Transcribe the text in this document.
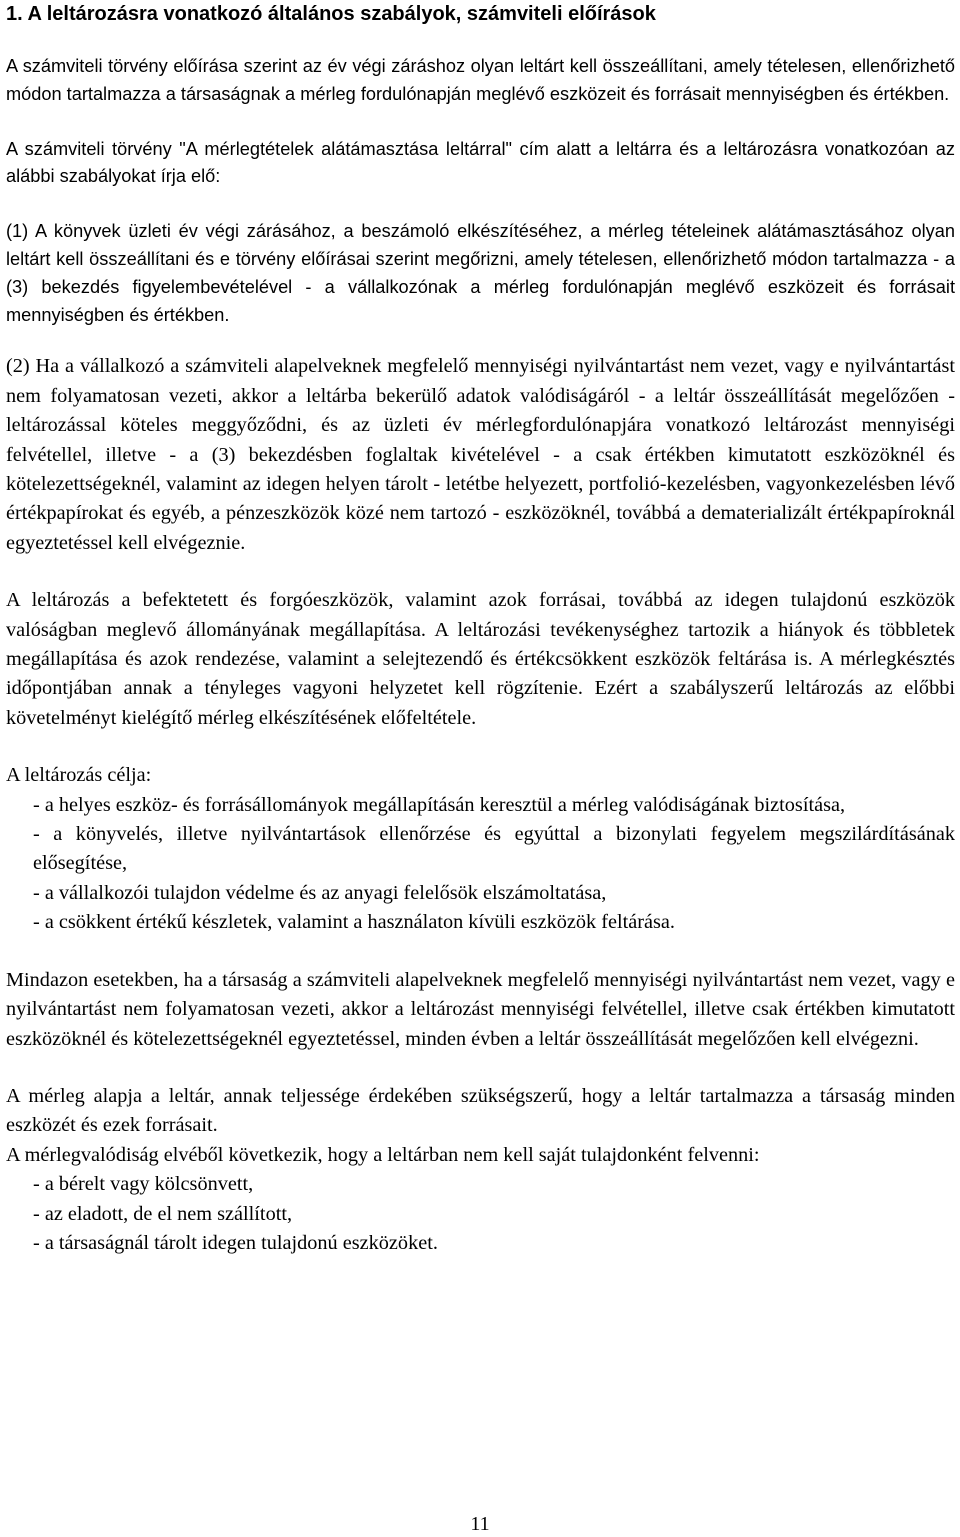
1. A leltározásra vonatkozó általános szabályok, számviteli előírások

A számviteli törvény előírása szerint az év végi záráshoz olyan leltárt kell összeállítani, amely tételesen, ellenőrizhető módon tartalmazza a társaságnak a mérleg fordulónapján meglévő eszközeit és forrásait mennyiségben és értékben.

A számviteli törvény "A mérlegtételek alátámasztása leltárral" cím alatt a leltárra és a leltározásra vonatkozóan az alábbi szabályokat írja elő:

(1) A könyvek üzleti év végi zárásához, a beszámoló elkészítéséhez, a mérleg tételeinek alátámasztásához olyan leltárt kell összeállítani és e törvény előírásai szerint megőrizni, amely tételesen, ellenőrizhető módon tartalmazza - a (3) bekezdés figyelembevételével - a vállalkozónak a mérleg fordulónapján meglévő eszközeit és forrásait mennyiségben és értékben.

(2) Ha a vállalkozó a számviteli alapelveknek megfelelő mennyiségi nyilvántartást nem vezet, vagy e nyilvántartást nem folyamatosan vezeti, akkor a leltárba bekerülő adatok valódiságáról - a leltár összeállítását megelőzően - leltározással köteles meggyőződni, és az üzleti év mérlegfordulónapjára vonatkozó leltározást mennyiségi felvétellel, illetve - a (3) bekezdésben foglaltak kivételével - a csak értékben kimutatott eszközöknél és kötelezettségeknél, valamint az idegen helyen tárolt - letétbe helyezett, portfolió-kezelésben, vagyonkezelésben lévő értékpapírokat és egyéb, a pénzeszközök közé nem tartozó - eszközöknél, továbbá a dematerializált értékpapíroknál egyeztetéssel kell elvégeznie.

A leltározás a befektetett és forgóeszközök, valamint azok forrásai, továbbá az idegen tulajdonú eszközök valóságban meglevő állományának megállapítása. A leltározási tevékenységhez tartozik a hiányok és többletek megállapítása és azok rendezése, valamint a selejtezendő és értékcsökkent eszközök feltárása is. A mérlegkésztés időpontjában annak a tényleges vagyoni helyzetet kell rögzítenie. Ezért a szabályszerű leltározás az előbbi követelményt kielégítő mérleg elkészítésének előfeltétele.

A leltározás célja:

- a helyes eszköz- és forrásállományok megállapításán keresztül a mérleg valódiságának biztosítása,
- a könyvelés, illetve nyilvántartások ellenőrzése és egyúttal a bizonylati fegyelem megszilárdításának elősegítése,
- a vállalkozói tulajdon védelme és az anyagi felelősök elszámoltatása,
- a csökkent értékű készletek, valamint a használaton kívüli eszközök feltárása.

Mindazon esetekben, ha a társaság a számviteli alapelveknek megfelelő mennyiségi nyilvántartást nem vezet, vagy e nyilvántartást nem folyamatosan vezeti, akkor a leltározást mennyiségi felvétellel, illetve csak értékben kimutatott eszközöknél és kötelezettségeknél egyeztetéssel, minden évben a leltár összeállítását megelőzően kell elvégezni.

A mérleg alapja a leltár, annak teljessége érdekében szükségszerű, hogy a leltár tartalmazza a társaság minden eszközét és ezek forrásait.

A mérlegvalódiság elvéből következik, hogy a leltárban nem kell saját tulajdonként felvenni:

- a bérelt vagy kölcsönvett,
- az eladott, de el nem szállított,
- a társaságnál tárolt idegen tulajdonú eszközöket.
11
